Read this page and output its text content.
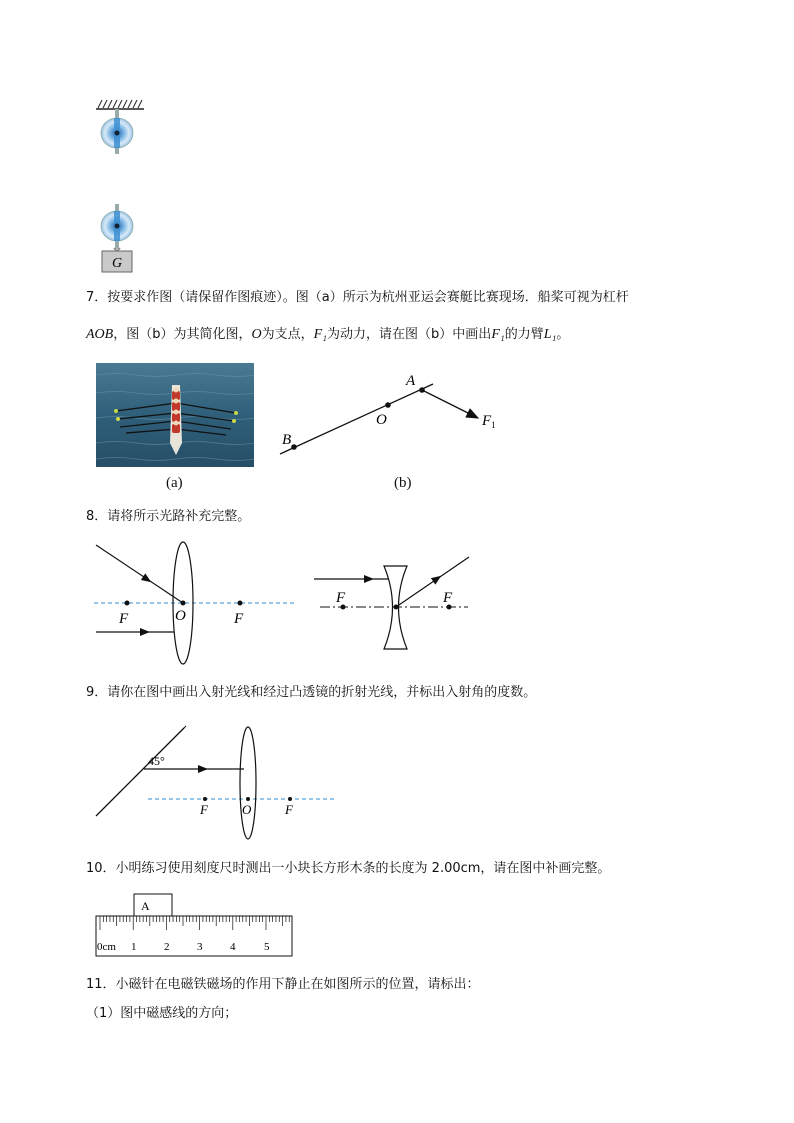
G
7．按要求作图（请保留作图痕迹）。图（a）所示为杭州亚运会赛艇比赛现场．船桨可视为杠杆
AOB，图（b）为其简化图，O为支点，F₁为动力，请在图（b）中画出F₁的力臂L₁。
(a)
A
O
B
$F_1$
(b)
8．请将所示光路补充完整。
F	O	F
F	F
9．请你在图中画出入射光线和经过凸透镜的折射光线，并标出入射角的度数。
45°
F	O	F
10．小明练习使用刻度尺时测出一小块长方形木条的长度为 2.00cm，请在图中补画完整。
A
0cm 1	2	3	4	5
11．小磁针在电磁铁磁场的作用下静止在如图所示的位置，请标出：
（1）图中磁感线的方向；
